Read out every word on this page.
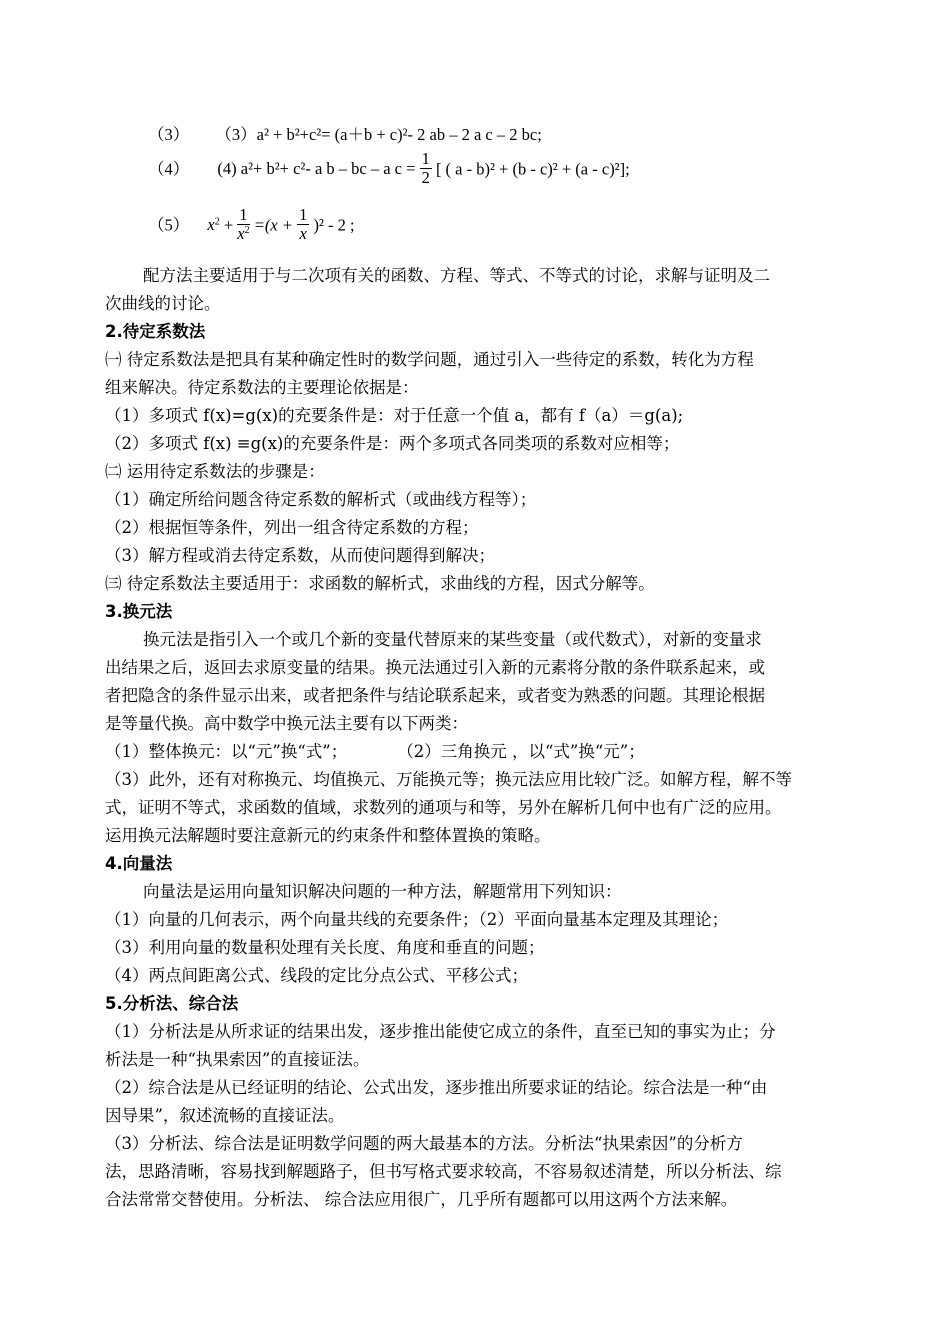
（3） （3）a² + b²+c²= (a＋b + c)²- 2 ab – 2 a c – 2 bc;
（4） (4) a²+ b²+ c²- a b – bc – a $c = \frac{1}{2}$ [ ( a - b)² + (b - c)² + (a - c)²];
（5） $x^2 + \frac{1}{x^2} =(x + \frac{1}{x} )^2 - 2$ ;
配方法主要适用于与二次项有关的函数、方程、等式、不等式的讨论，求解与证明及二
次曲线的讨论。
2.待定系数法
㈠ 待定系数法是把具有某种确定性时的数学问题，通过引入一些待定的系数，转化为方程
组来解决。待定系数法的主要理论依据是：
（1）多项式 f(x)=g(x)的充要条件是：对于任意一个值 a，都有 f（a）＝g(a);
（2）多项式 f(x) ≡g(x)的充要条件是：两个多项式各同类项的系数对应相等；
㈡ 运用待定系数法的步骤是：
（1）确定所给问题含待定系数的解析式（或曲线方程等）；
（2）根据恒等条件，列出一组含待定系数的方程；
（3）解方程或消去待定系数，从而使问题得到解决；
㈢ 待定系数法主要适用于：求函数的解析式，求曲线的方程，因式分解等。
3.换元法
换元法是指引入一个或几个新的变量代替原来的某些变量（或代数式），对新的变量求
出结果之后，返回去求原变量的结果。换元法通过引入新的元素将分散的条件联系起来，或
者把隐含的条件显示出来，或者把条件与结论联系起来，或者变为熟悉的问题。其理论根据
是等量代换。高中数学中换元法主要有以下两类：
（1）整体换元：以“元”换“式”；	（2）三角换元 ，以“式”换“元”；
（3）此外，还有对称换元、均值换元、万能换元等；换元法应用比较广泛。如解方程，解不等
式，证明不等式，求函数的值域，求数列的通项与和等，另外在解析几何中也有广泛的应用。
运用换元法解题时要注意新元的约束条件和整体置换的策略。
4.向量法
向量法是运用向量知识解决问题的一种方法，解题常用下列知识：
（1）向量的几何表示，两个向量共线的充要条件；（2）平面向量基本定理及其理论；
（3）利用向量的数量积处理有关长度、角度和垂直的问题；
（4）两点间距离公式、线段的定比分点公式、平移公式；
5.分析法、综合法
（1）分析法是从所求证的结果出发，逐步推出能使它成立的条件，直至已知的事实为止；分
析法是一种“执果索因”的直接证法。
（2）综合法是从已经证明的结论、公式出发，逐步推出所要求证的结论。综合法是一种“由
因导果”，叙述流畅的直接证法。
（3）分析法、综合法是证明数学问题的两大最基本的方法。分析法“执果索因”的分析方
法，思路清晰，容易找到解题路子，但书写格式要求较高，不容易叙述清楚，所以分析法、综
合法常常交替使用。分析法、 综合法应用很广，几乎所有题都可以用这两个方法来解。
